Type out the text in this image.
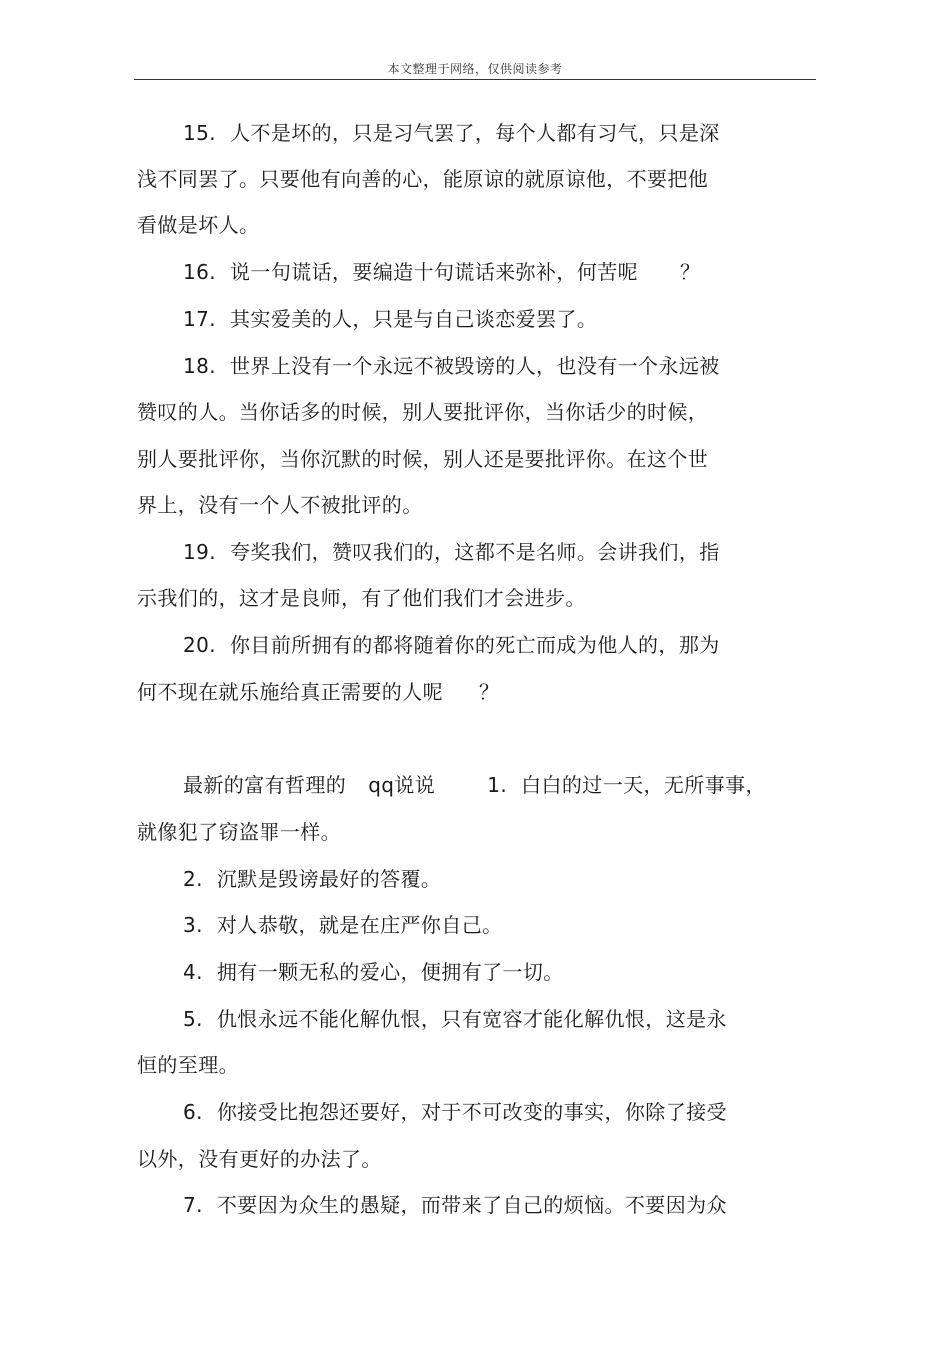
本文整理于网络，仅供阅读参考
15. 人不是坏的，只是习气罢了，每个人都有习气，只是深
浅不同罢了。只要他有向善的心，能原谅的就原谅他，不要把他
看做是坏人。
16. 说一句谎话，要编造十句谎话来弥补，何苦呢 ？
17. 其实爱美的人，只是与自己谈恋爱罢了。
18. 世界上没有一个永远不被毁谤的人，也没有一个永远被
赞叹的人。当你话多的时候，别人要批评你，当你话少的时候，
别人要批评你，当你沉默的时候，别人还是要批评你。在这个世
界上，没有一个人不被批评的。
19. 夸奖我们，赞叹我们的，这都不是名师。会讲我们，指
示我们的，这才是良师，有了他们我们才会进步。
20. 你目前所拥有的都将随着你的死亡而成为他人的，那为
何不现在就乐施给真正需要的人呢 ？
最新的富有哲理的 qq说说	1. 白白的过一天，无所事事，
就像犯了窃盗罪一样。
2. 沉默是毁谤最好的答覆。
3. 对人恭敬，就是在庄严你自己。
4. 拥有一颗无私的爱心，便拥有了一切。
5. 仇恨永远不能化解仇恨，只有宽容才能化解仇恨，这是永
恒的至理。
6. 你接受比抱怨还要好，对于不可改变的事实，你除了接受
以外，没有更好的办法了。
7. 不要因为众生的愚疑，而带来了自己的烦恼。不要因为众
